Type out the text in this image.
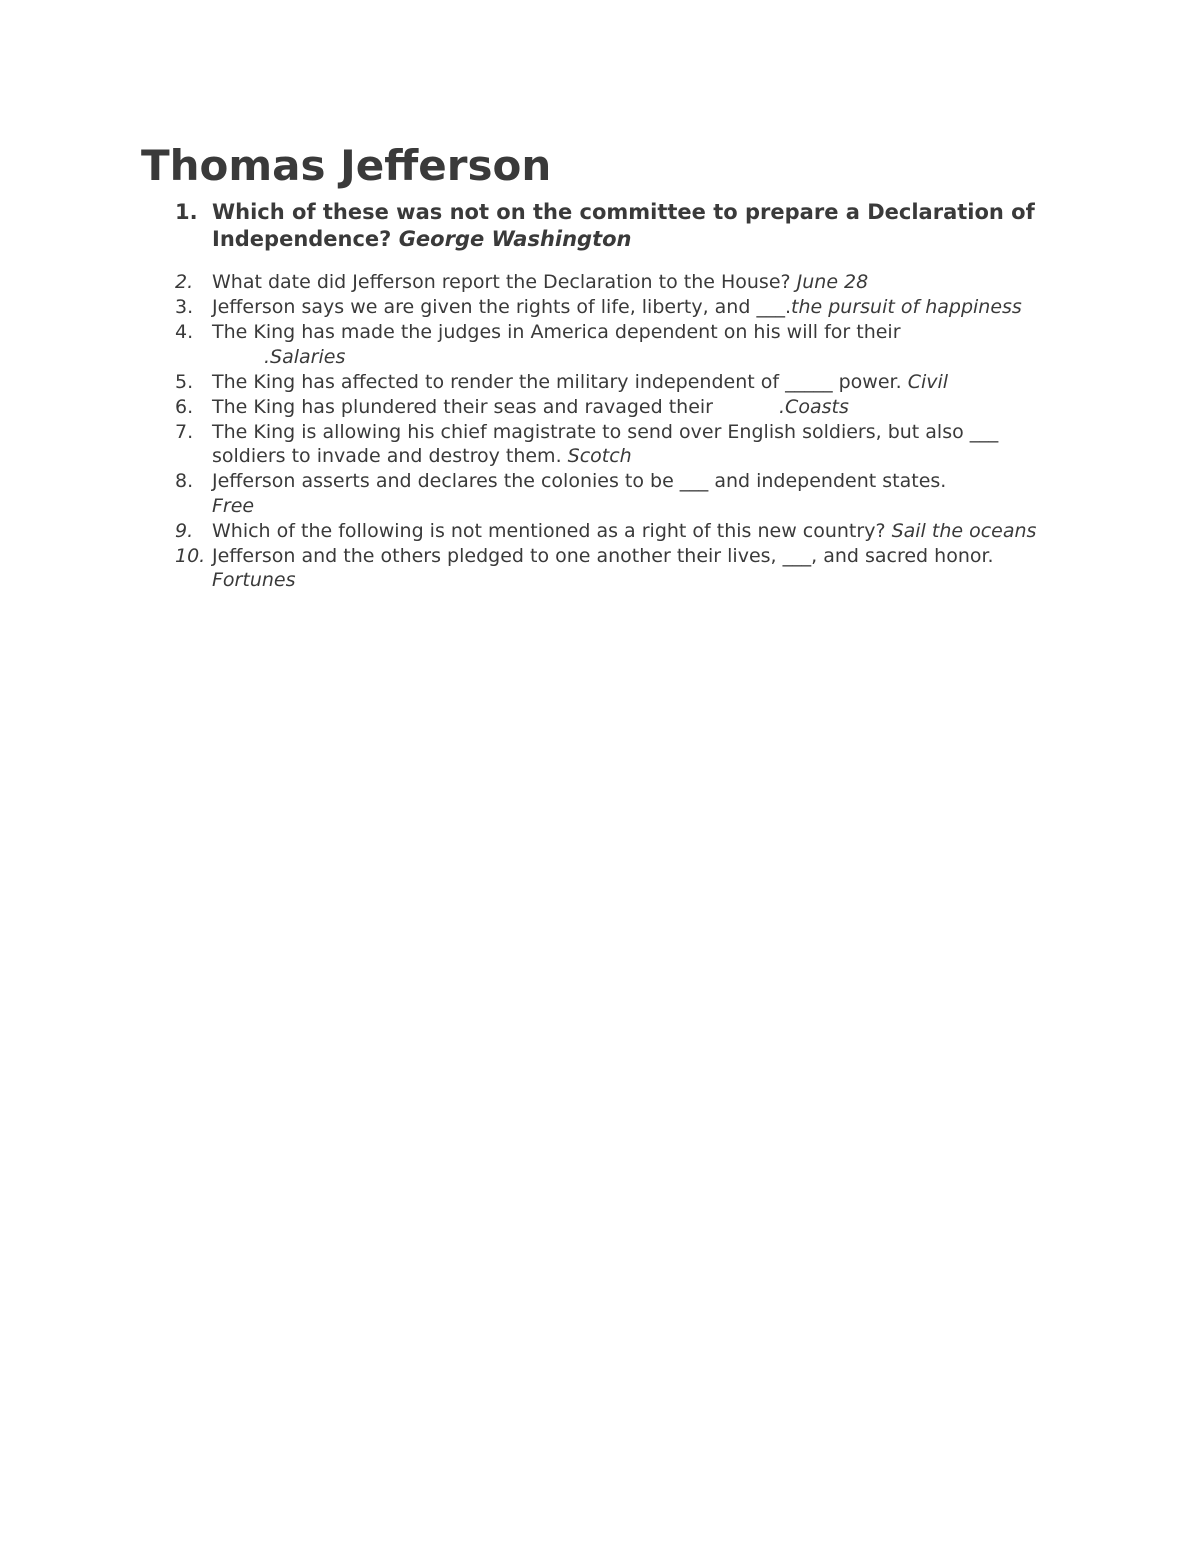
Thomas Jefferson
1. Which of these was not on the committee to prepare a Declaration of Independence? George Washington
2. What date did Jefferson report the Declaration to the House? June 28
3. Jefferson says we are given the rights of life, liberty, and ___.the pursuit of happiness
4. The King has made the judges in America dependent on his will for their
.Salaries
5. The King has affected to render the military independent of _____ power. Civil
6. The King has plundered their seas and ravaged their	.Coasts
7. The King is allowing his chief magistrate to send over English soldiers, but also ___ soldiers to invade and destroy them. Scotch
8. Jefferson asserts and declares the colonies to be ___ and independent states.
Free
9. Which of the following is not mentioned as a right of this new country? Sail the oceans
10. Jefferson and the others pledged to one another their lives, ___, and sacred honor. Fortunes
